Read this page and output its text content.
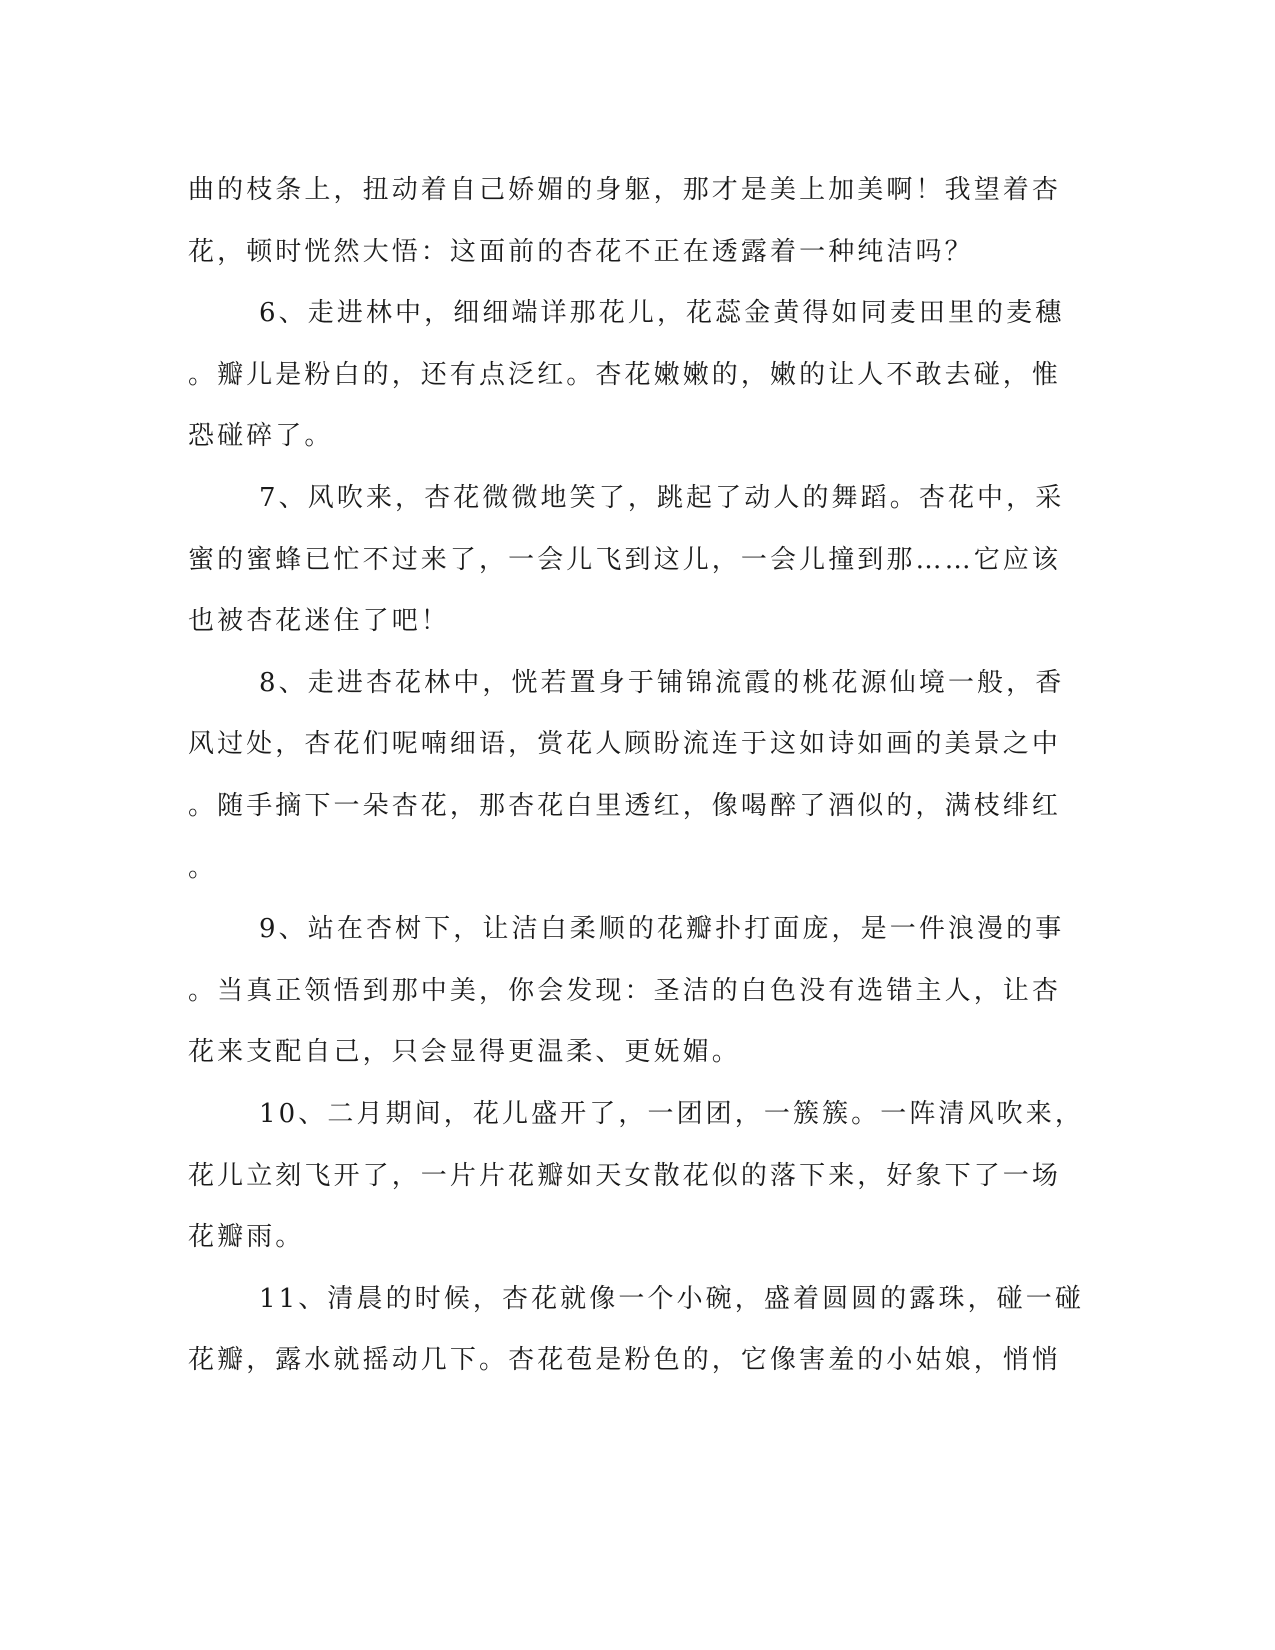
曲的枝条上，扭动着自己娇媚的身躯，那才是美上加美啊！我望着杏
花，顿时恍然大悟：这面前的杏花不正在透露着一种纯洁吗？
6、走进林中，细细端详那花儿，花蕊金黄得如同麦田里的麦穗
。瓣儿是粉白的，还有点泛红。杏花嫩嫩的，嫩的让人不敢去碰，惟
恐碰碎了。
7、风吹来，杏花微微地笑了，跳起了动人的舞蹈。杏花中，采
蜜的蜜蜂已忙不过来了，一会儿飞到这儿，一会儿撞到那……它应该
也被杏花迷住了吧！
8、走进杏花林中，恍若置身于铺锦流霞的桃花源仙境一般，香
风过处，杏花们呢喃细语，赏花人顾盼流连于这如诗如画的美景之中
。随手摘下一朵杏花，那杏花白里透红，像喝醉了酒似的，满枝绯红
。
9、站在杏树下，让洁白柔顺的花瓣扑打面庞，是一件浪漫的事
。当真正领悟到那中美，你会发现：圣洁的白色没有选错主人，让杏
花来支配自己，只会显得更温柔、更妩媚。
10、二月期间，花儿盛开了，一团团，一簇簇。一阵清风吹来，
花儿立刻飞开了，一片片花瓣如天女散花似的落下来，好象下了一场
花瓣雨。
11、清晨的时候，杏花就像一个小碗，盛着圆圆的露珠，碰一碰
花瓣，露水就摇动几下。杏花苞是粉色的，它像害羞的小姑娘，悄悄
